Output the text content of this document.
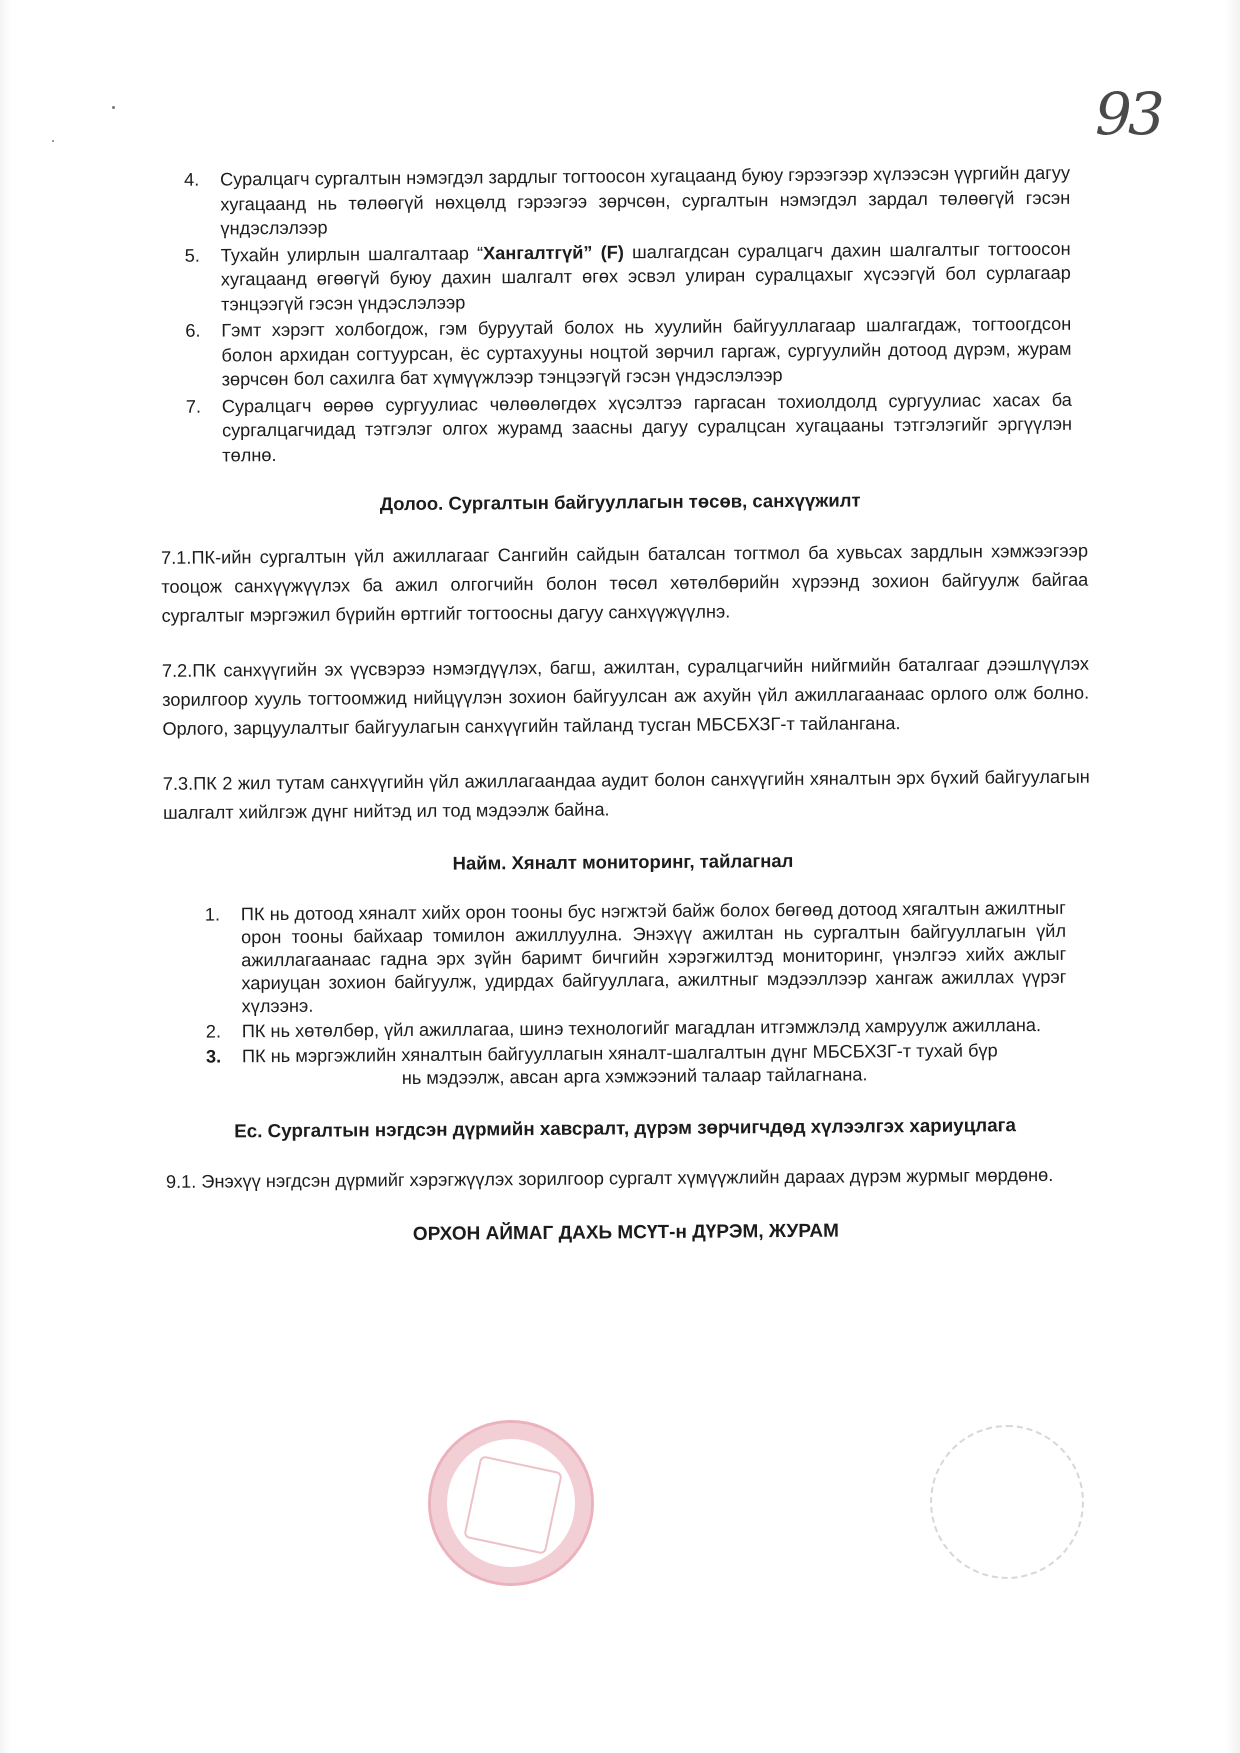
93
4. Суралцагч сургалтын нэмэгдэл зардлыг тогтоосон хугацаанд буюу гэрээгээр хүлээсэн үүргийн дагуу хугацаанд нь төлөөгүй нөхцөлд гэрээгээ зөрчсөн, сургалтын нэмэгдэл зардал төлөөгүй гэсэн үндэслэлээр
5. Тухайн улирлын шалгалтаар “Хангалтгүй” (F) шалгагдсан суралцагч дахин шалгалтыг тогтоосон хугацаанд өгөөгүй буюу дахин шалгалт өгөх эсвэл улиран суралцахыг хүсээгүй бол сурлагаар тэнцээгүй гэсэн үндэслэлээр
6. Гэмт хэрэгт холбогдож, гэм буруутай болох нь хуулийн байгууллагаар шалгагдаж, тогтоогдсон болон архидан согтуурсан, ёс суртахууны ноцтой зөрчил гаргаж, сургуулийн дотоод дүрэм, журам зөрчсөн бол сахилга бат хүмүүжлээр тэнцээгүй гэсэн үндэслэлээр
7. Суралцагч өөрөө сургуулиас чөлөөлөгдөх хүсэлтээ гаргасан тохиолдолд сургуулиас хасах ба сургалцагчидад тэтгэлэг олгох журамд заасны дагуу суралцсан хугацааны тэтгэлэгийг эргүүлэн төлнө.
Долоо. Сургалтын байгууллагын төсөв, санхүүжилт

7.1.ПК-ийн сургалтын үйл ажиллагааг Сангийн сайдын баталсан тогтмол ба хувьсах зардлын хэмжээгээр тооцож санхүүжүүлэх ба ажил олгогчийн болон төсөл хөтөлбөрийн хүрээнд зохион байгуулж байгаа сургалтыг мэргэжил бүрийн өртгийг тогтоосны дагуу санхүүжүүлнэ.

7.2.ПК санхүүгийн эх үүсвэрээ нэмэгдүүлэх, багш, ажилтан, суралцагчийн нийгмийн баталгааг дээшлүүлэх зорилгоор хууль тогтоомжид нийцүүлэн зохион байгуулсан аж ахуйн үйл ажиллагаанаас орлого олж болно. Орлого, зарцуулалтыг байгуулагын санхүүгийн тайланд тусган МБСБХЗГ-т тайлангана.

7.3.ПК 2 жил тутам санхүүгийн үйл ажиллагаандаа аудит болон санхүүгийн хяналтын эрх бүхий байгуулагын шалгалт хийлгэж дүнг нийтэд ил тод мэдээлж байна.

Найм. Хяналт мониторинг, тайлагнал
1. ПК нь дотоод хяналт хийх орон тооны бус нэгжтэй байж болох бөгөөд дотоод хягалтын ажилтныг орон тооны байхаар томилон ажиллуулна. Энэхүү ажилтан нь сургалтын байгууллагын үйл ажиллагаанаас гадна эрх зүйн баримт бичгийн хэрэгжилтэд мониторинг, үнэлгээ хийх ажлыг хариуцан зохион байгуулж, удирдах байгууллага, ажилтныг мэдээллээр хангаж ажиллах үүрэг хүлээнэ.
2. ПК нь хөтөлбөр, үйл ажиллагаа, шинэ технологийг магадлан итгэмжлэлд хамруулж ажиллана.
3. ПК нь мэргэжлийн хяналтын байгууллагын хяналт-шалгалтын дүнг МБСБХЗГ-т тухай бүр
нь мэдээлж, авсан арга хэмжээний талаар тайлагнана.
Ес. Сургалтын нэгдсэн дүрмийн хавсралт, дүрэм зөрчигчдөд хүлээлгэх хариуцлага

9.1. Энэхүү нэгдсэн дүрмийг хэрэгжүүлэх зорилгоор сургалт хүмүүжлийн дараах дүрэм журмыг мөрдөнө.

ОРХОН АЙМАГ ДАХЬ МСҮТ-н ДҮРЭМ, ЖУРАМ
